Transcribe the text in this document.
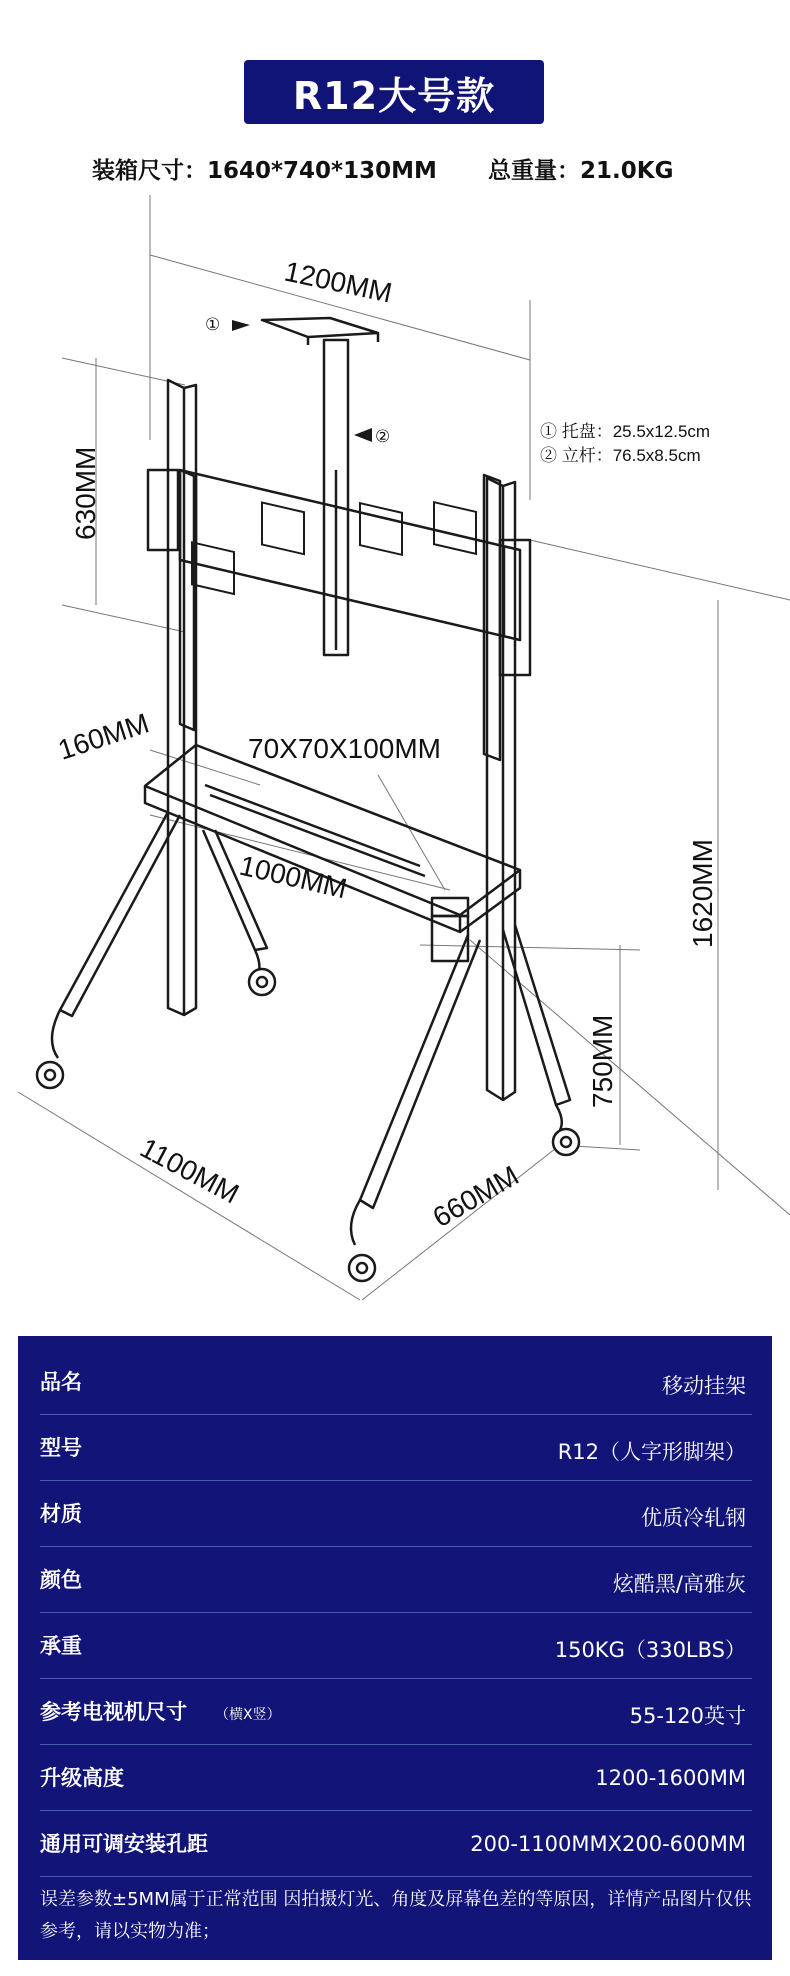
R12大号款
装箱尺寸：1640*740*130MM 总重量：21.0KG
①
②
1200MM
630MM
160MM	70X70X100MM
1000MM	1620MM
750MM
1100MM	660MM
① 托盘：25.5x12.5cm
② 立杆：76.5x8.5cm
品名	移动挂架
型号	R12（人字形脚架）
材质	优质冷轧钢
颜色	炫酷黑/高雅灰
承重	150KG（330LBS）
参考电视机尺寸 （横X竖）	55-120英寸
升级高度	1200-1600MM
通用可调安装孔距	200-1100MMX200-600MM
误差参数±5MM属于正常范围 因拍摄灯光、角度及屏幕色差的等原因，详情产品图片仅供参考，请以实物为准；
